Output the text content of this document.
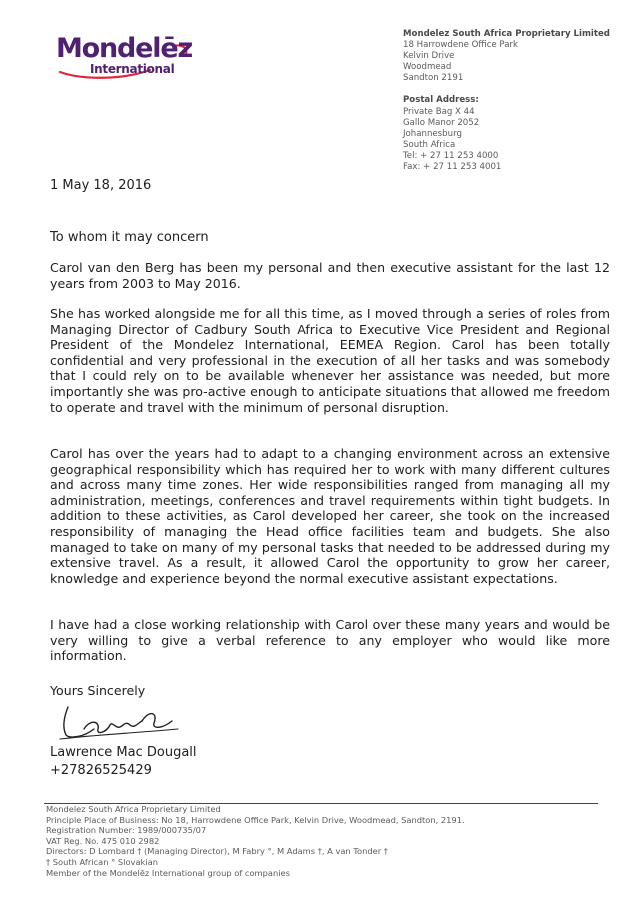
Mondelēz
International
Mondelez South Africa Proprietary Limited
18 Harrowdene Office Park
Kelvin Drive
Woodmead
Sandton 2191
Postal Address:
Private Bag X 44
Gallo Manor 2052
Johannesburg
South Africa
Tel: + 27 11 253 4000
Fax: + 27 11 253 4001
1 May 18, 2016
To whom it may concern
Carol van den Berg has been my personal and then executive assistant for the last 12 years from 2003 to May 2016.
She has worked alongside me for all this time, as I moved through a series of roles from Managing Director of Cadbury South Africa to Executive Vice President and Regional President of the Mondelez International, EEMEA Region. Carol has been totally confidential and very professional in the execution of all her tasks and was somebody that I could rely on to be available whenever her assistance was needed, but more importantly she was pro-active enough to anticipate situations that allowed me freedom to operate and travel with the minimum of personal disruption.
Carol has over the years had to adapt to a changing environment across an extensive geographical responsibility which has required her to work with many different cultures and across many time zones. Her wide responsibilities ranged from managing all my administration, meetings, conferences and travel requirements within tight budgets. In addition to these activities, as Carol developed her career, she took on the increased responsibility of managing the Head office facilities team and budgets. She also managed to take on many of my personal tasks that needed to be addressed during my extensive travel. As a result, it allowed Carol the opportunity to grow her career, knowledge and experience beyond the normal executive assistant expectations.
I have had a close working relationship with Carol over these many years and would be very willing to give a verbal reference to any employer who would like more information.
Yours Sincerely
Lawrence Mac Dougall
+27826525429
Mondelez South Africa Proprietary Limited
Principle Place of Business: No 18, Harrowdene Office Park, Kelvin Drive, Woodmead, Sandton, 2191.
Registration Number: 1989/000735/07
VAT Reg. No. 475 010 2982
Directors: D Lombard † (Managing Director), M Fabry °, M Adams †, A van Tonder †
† South African ° Slovakian
Member of the Mondelēz International group of companies
